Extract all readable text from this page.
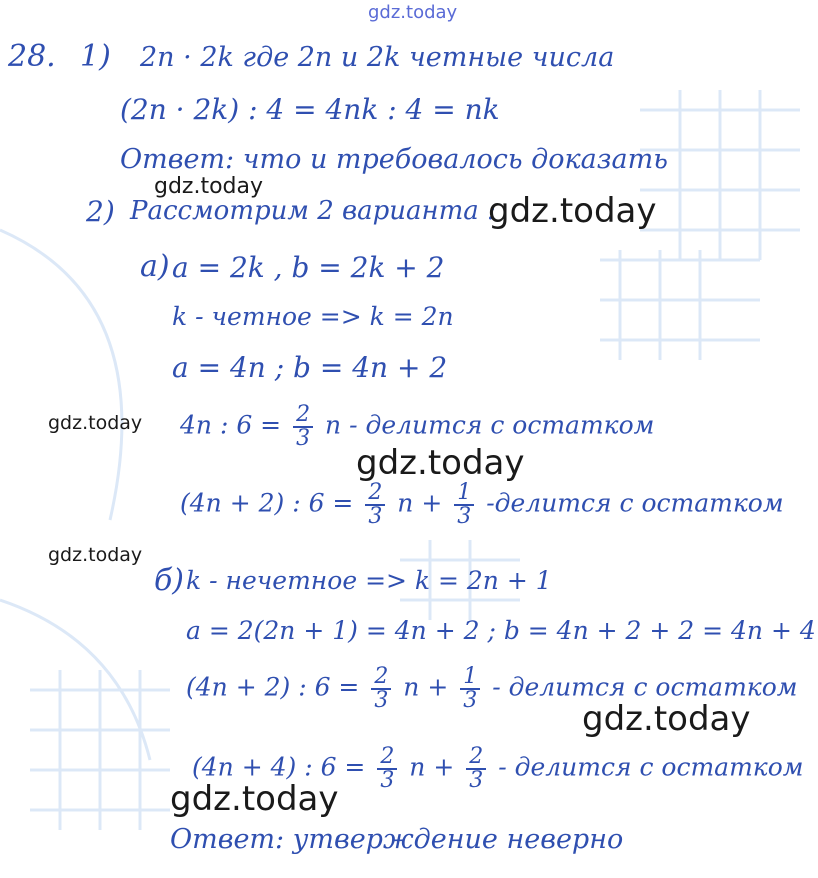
28. 1) 2n · 2k где 2n и 2k четные числа
(2n · 2k) : 4 = 4nk : 4 = nk
Ответ: что и требовалось доказать
2) Рассмотрим 2 варианта :
а) a = 2k , b = 2k + 2
k - четное => k = 2n
a = 4n ; b = 4n + 2
4n : $6 = \frac{2}{3}$ n - делится с остатком
(4n + 2) : $6 = \frac{2}{3}$ $n + \frac{1}{3}$ -делится с остатком
б) k - нечетное => k = 2n + 1
a = 2(2n + 1) = 4n + 2 ; b = 4n + 2 + 2 = 4n + 4
(4n + 2) : $6 = \frac{2}{3}$ $n + \frac{1}{3}$ - делится с остатком
(4n + 4) : $6 = \frac{2}{3}$ $n + \frac{2}{3}$ - делится с остатком
Ответ: утверждение неверно
gdz.today
gdz.today
gdz.today
gdz.today
gdz.today
gdz.today
gdz.today
gdz.today
